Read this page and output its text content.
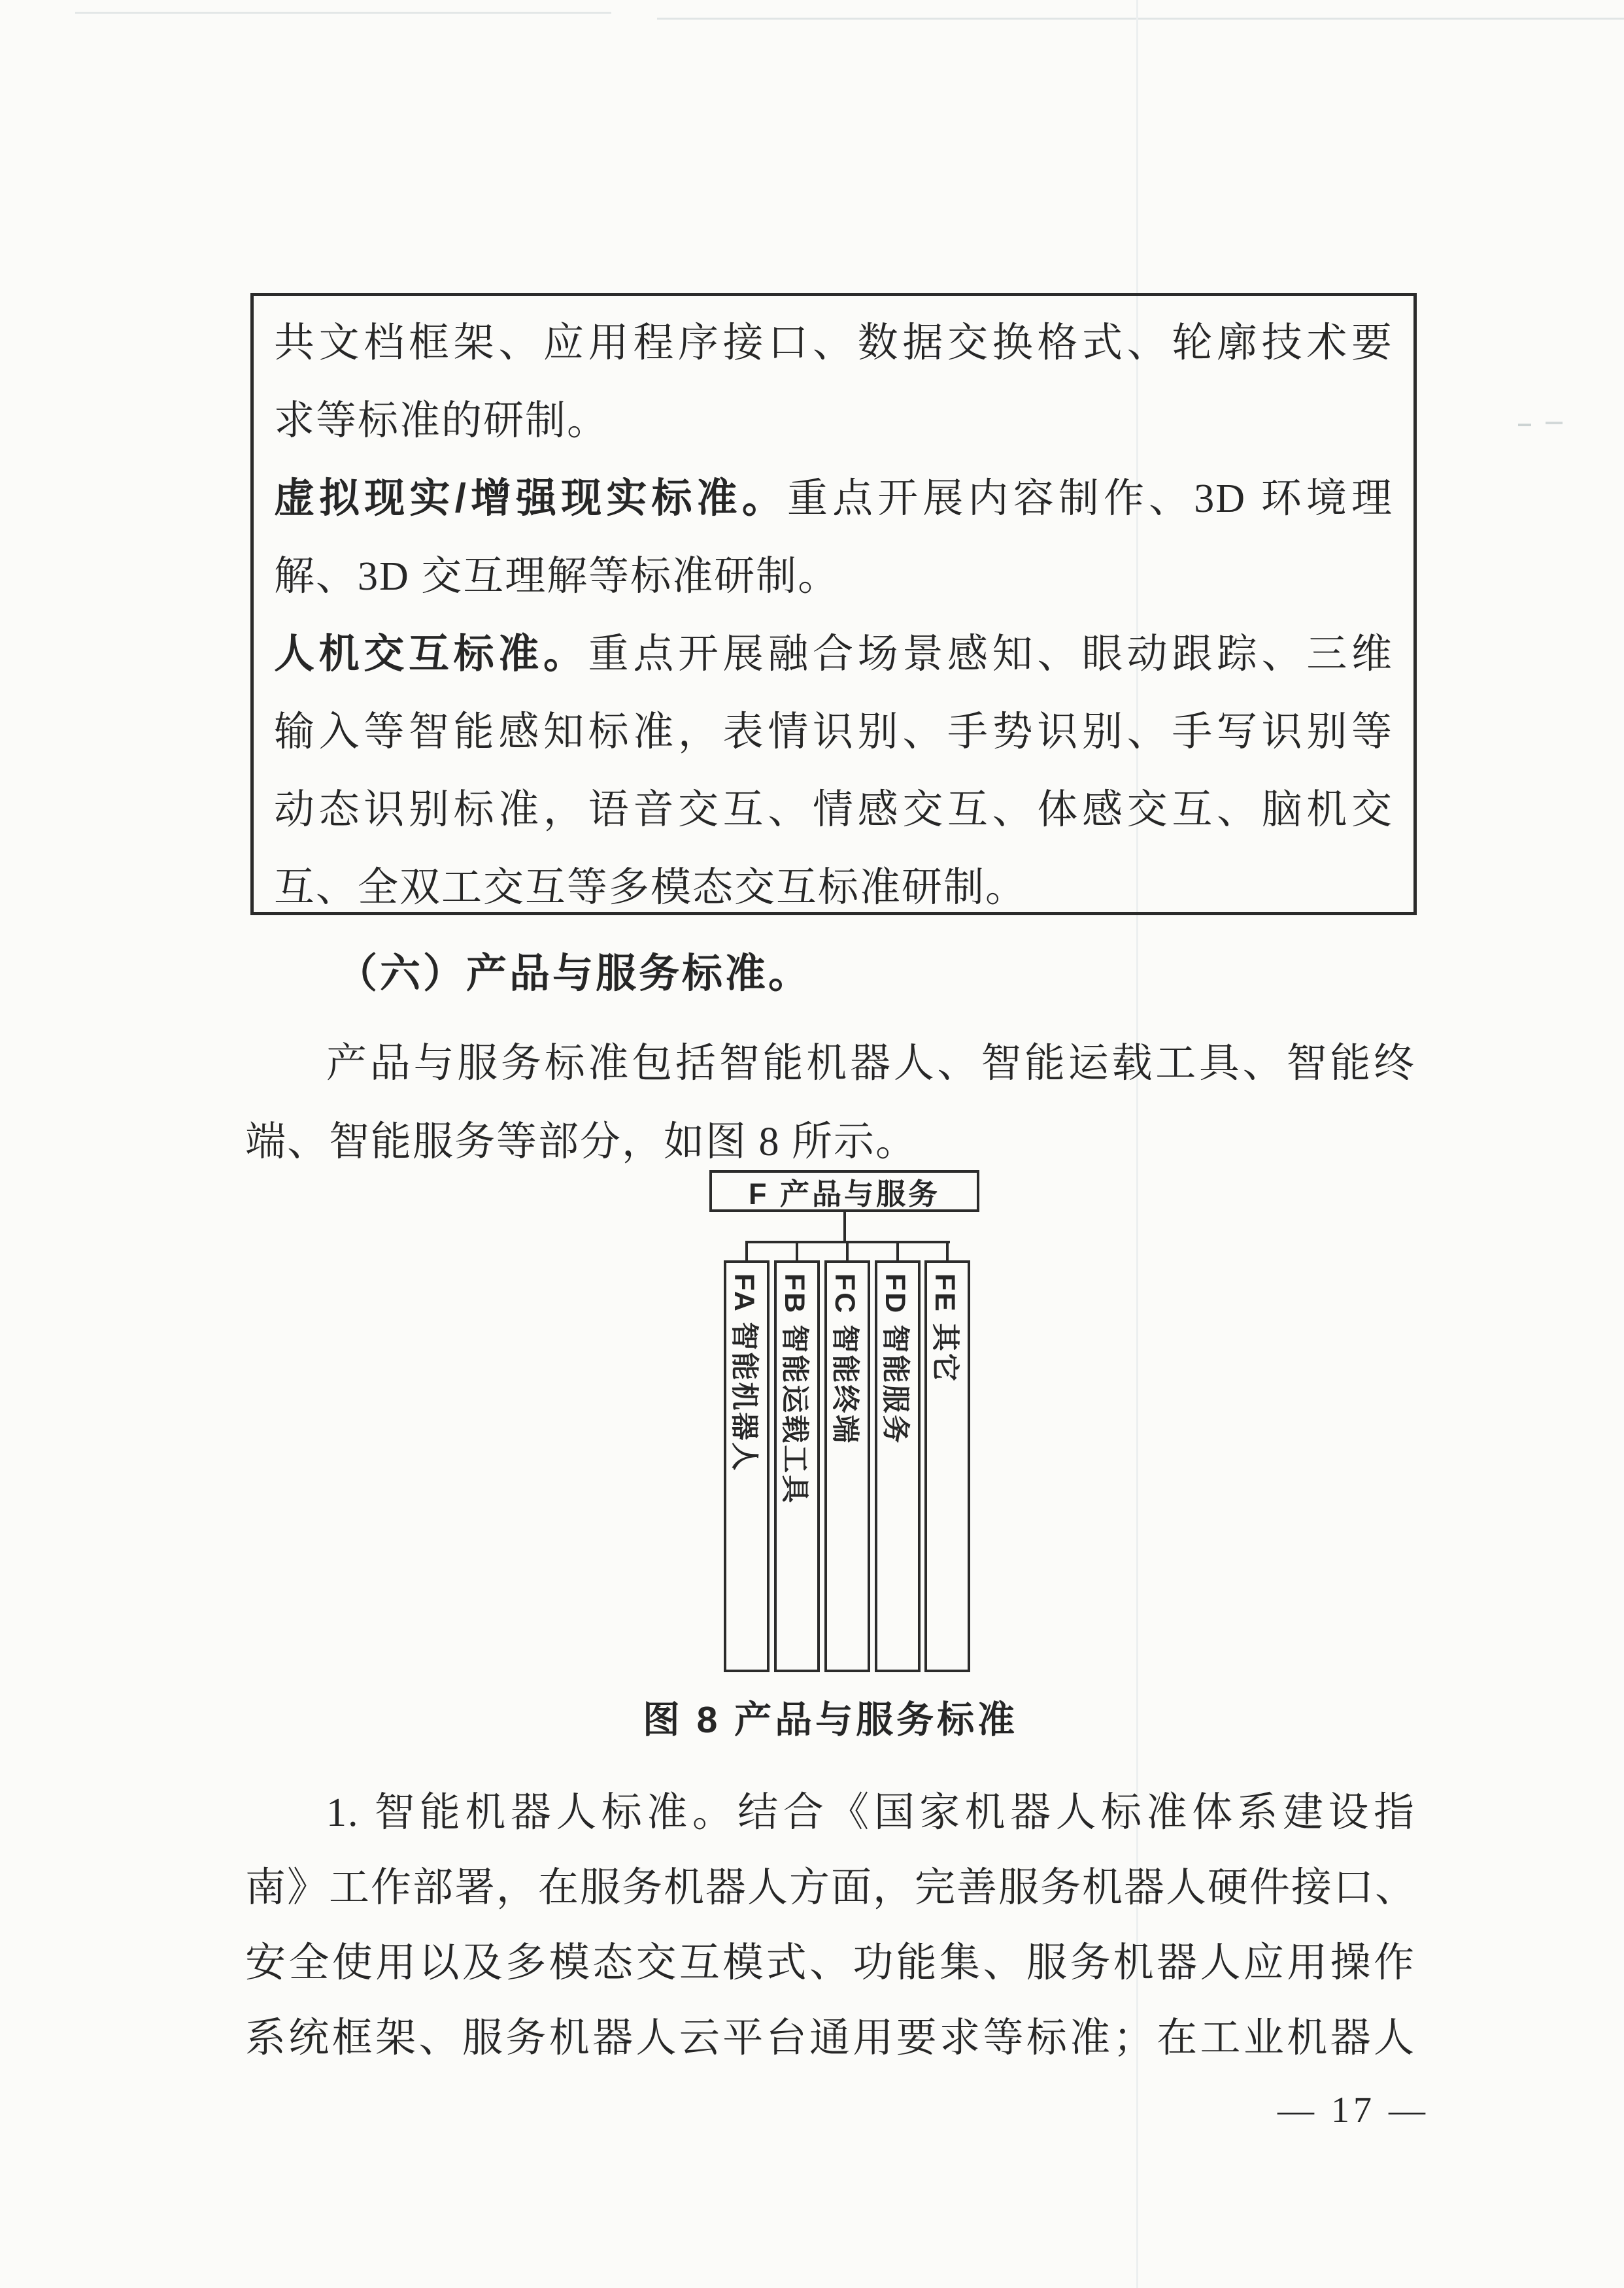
共文档框架、应用程序接口、数据交换格式、轮廓技术要
求等标准的研制。
虚拟现实/增强现实标准。重点开展内容制作、3D 环境理
解、3D 交互理解等标准研制。
人机交互标准。重点开展融合场景感知、眼动跟踪、三维
输入等智能感知标准，表情识别、手势识别、手写识别等
动态识别标准，语音交互、情感交互、体感交互、脑机交
互、全双工交互等多模态交互标准研制。
（六）产品与服务标准。
产品与服务标准包括智能机器人、智能运载工具、智能终
端、智能服务等部分，如图 8 所示。
F 产品与服务
FA 智能机器人 FB 智能运载工具 FC 智能终端 FD 智能服务 FE 其它
图 8 产品与服务标准
1. 智能机器人标准。结合《国家机器人标准体系建设指
南》工作部署，在服务机器人方面，完善服务机器人硬件接口、
安全使用以及多模态交互模式、功能集、服务机器人应用操作
系统框架、服务机器人云平台通用要求等标准；在工业机器人
— 17 —
